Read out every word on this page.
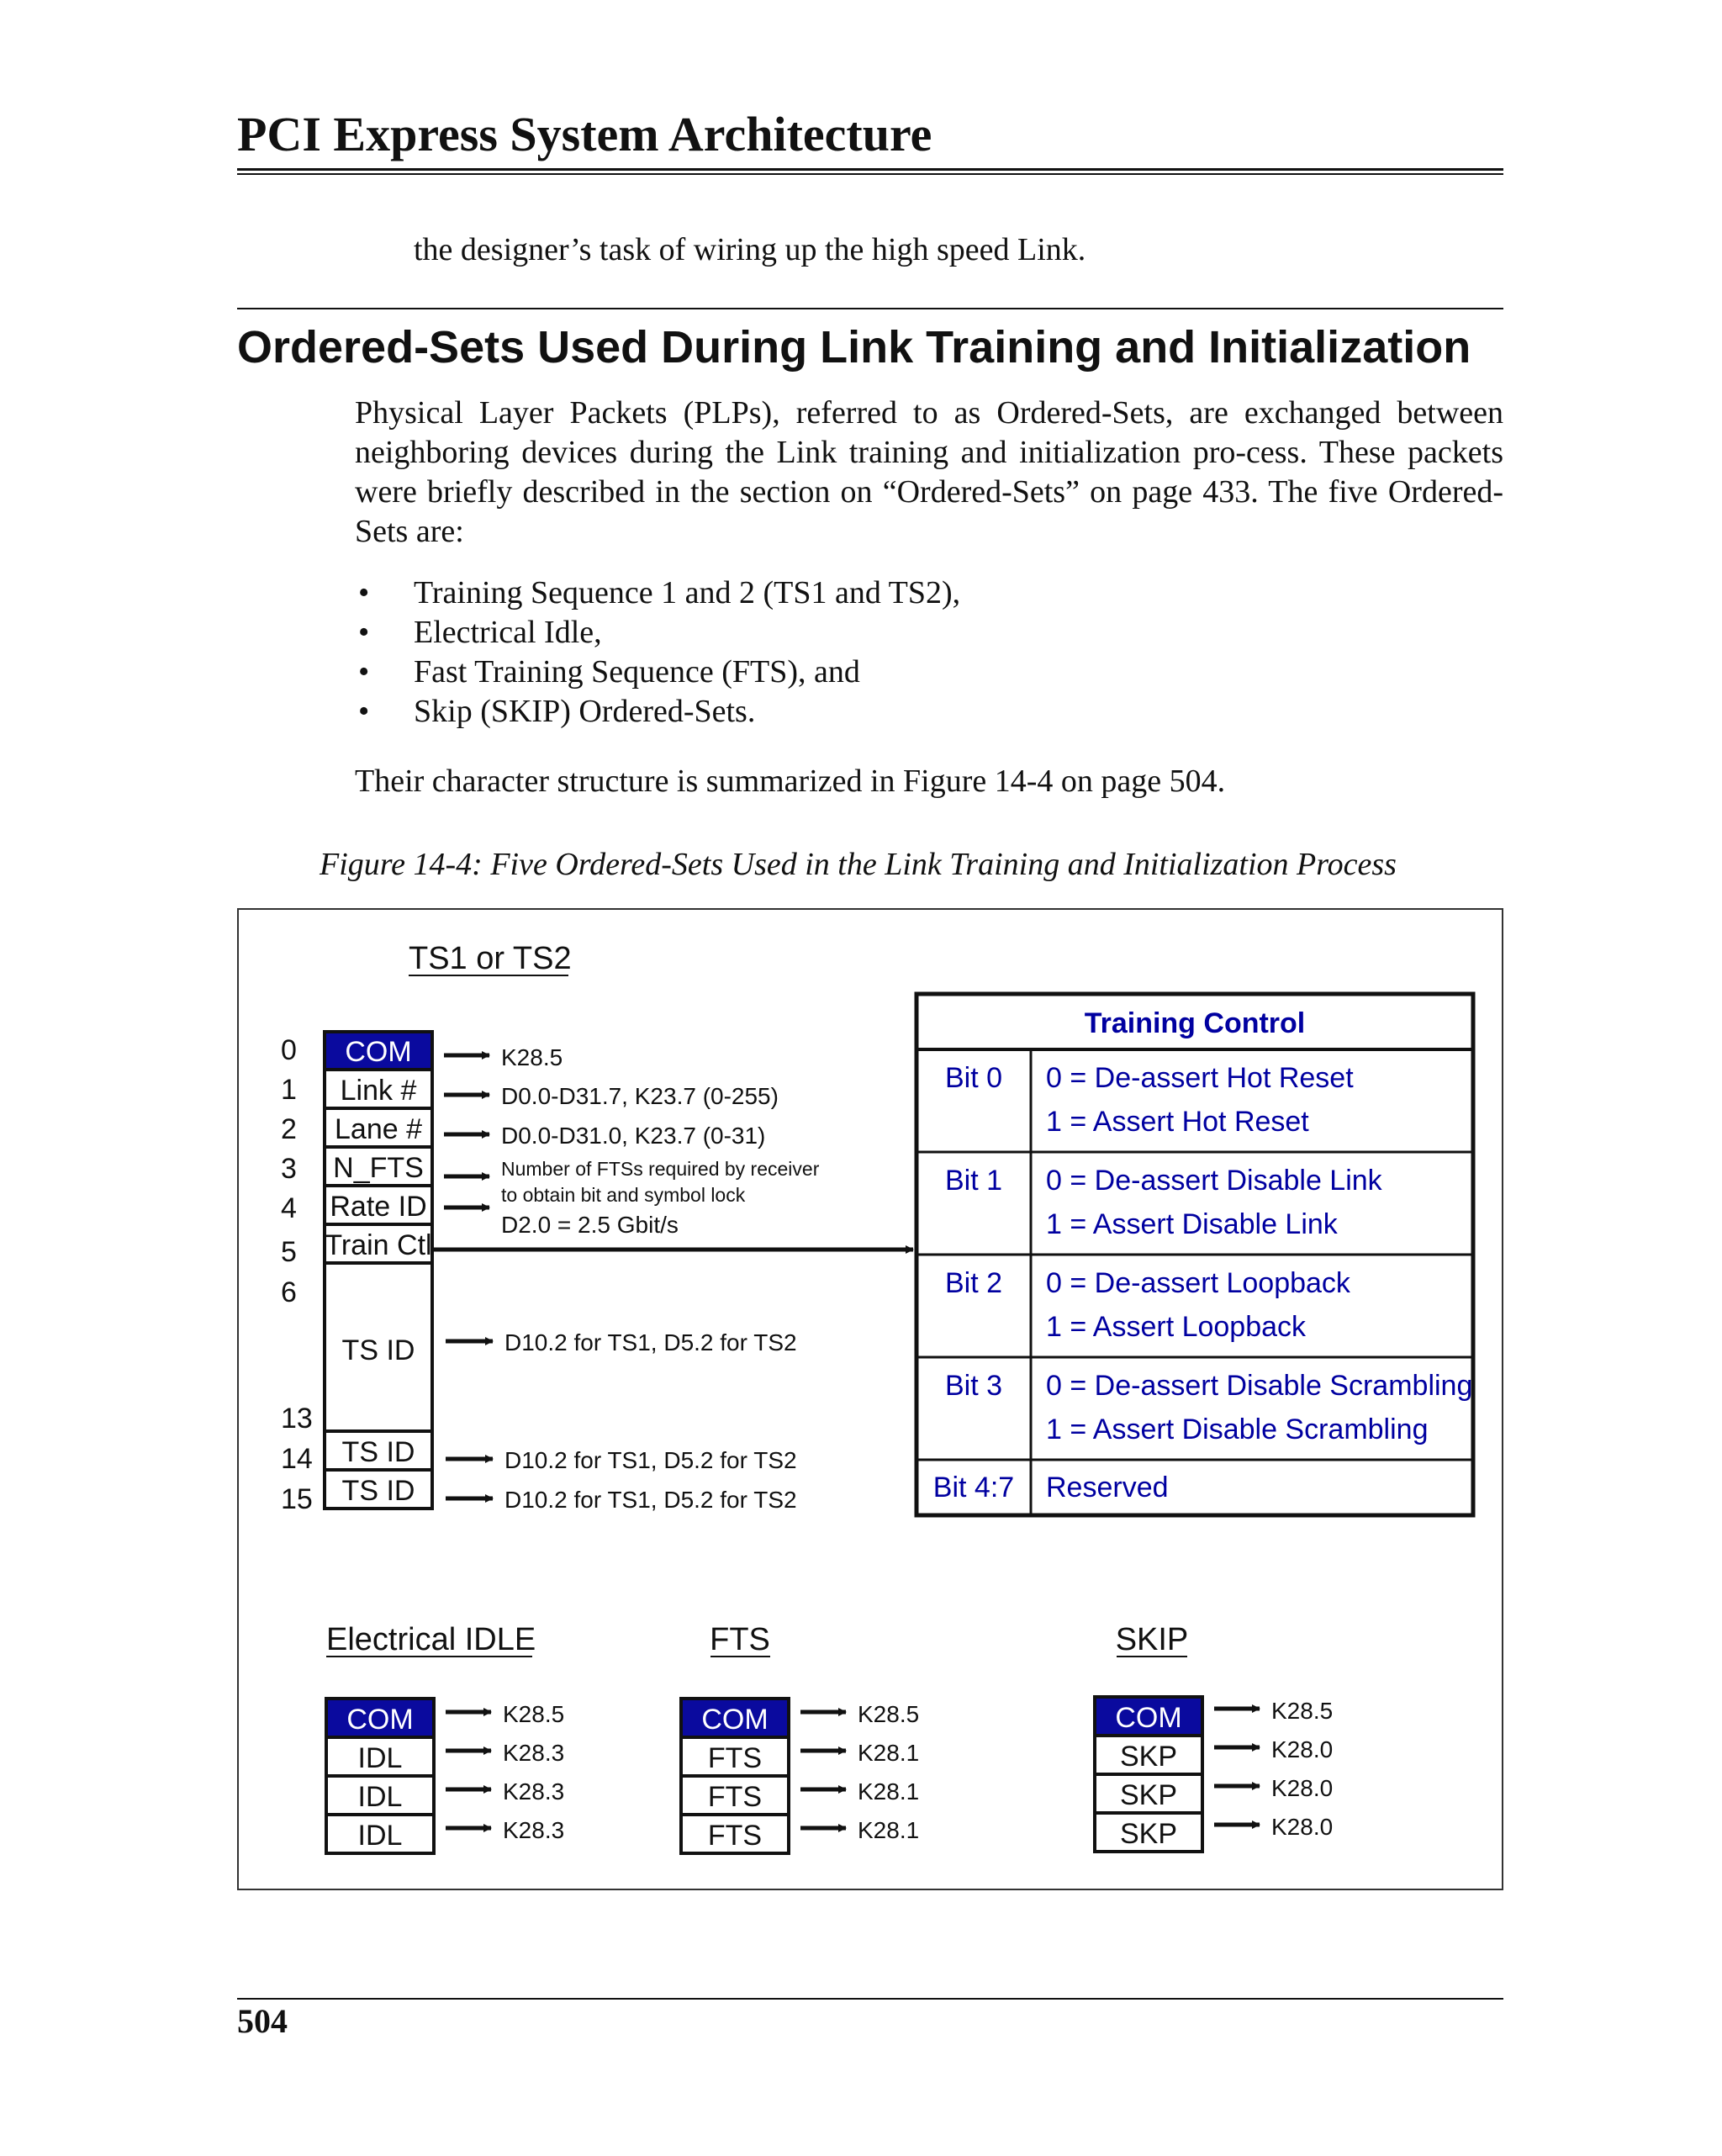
PCI Express System Architecture
the designer’s task of wiring up the high speed Link.
Ordered-Sets Used During Link Training and Initialization
Physical Layer Packets (PLPs), referred to as Ordered-Sets, are exchanged between neighboring devices during the Link training and initialization pro-cess. These packets were briefly described in the section on “Ordered-Sets” on page 433. The five Ordered-Sets are:
• Training Sequence 1 and 2 (TS1 and TS2),
• Electrical Idle,
• Fast Training Sequence (FTS), and
• Skip (SKIP) Ordered-Sets.
Their character structure is summarized in Figure 14-4 on page 504.
Figure 14-4: Five Ordered-Sets Used in the Link Training and Initialization Process
TS1 or TS2
0
1
2
3
4
5
6
13
14
15
COM
Link #
Lane #
N_FTS
Rate ID
Train Ctl
TS ID
TS ID
TS ID
K28.5
D0.0-D31.7, K23.7 (0-255)
D0.0-D31.0, K23.7 (0-31)
Number of FTSs required by receiver
to obtain bit and symbol lock
D2.0 = 2.5 Gbit/s
D10.2 for TS1, D5.2 for TS2
D10.2 for TS1, D5.2 for TS2
D10.2 for TS1, D5.2 for TS2
Training Control
Bit 0 0 = De-assert Hot Reset
1 = Assert Hot Reset
Bit 1 0 = De-assert Disable Link
1 = Assert Disable Link
Bit 2 0 = De-assert Loopback
1 = Assert Loopback
Bit 3 0 = De-assert Disable Scrambling
1 = Assert Disable Scrambling
Bit 4:7 Reserved
Electrical IDLE
COM
IDL
IDL
IDL
K28.5
K28.3
K28.3
K28.3
FTS
COM
FTS
FTS
FTS
K28.5
K28.1
K28.1
K28.1
SKIP
COM
SKP
SKP
SKP
K28.5
K28.0
K28.0
K28.0
504
